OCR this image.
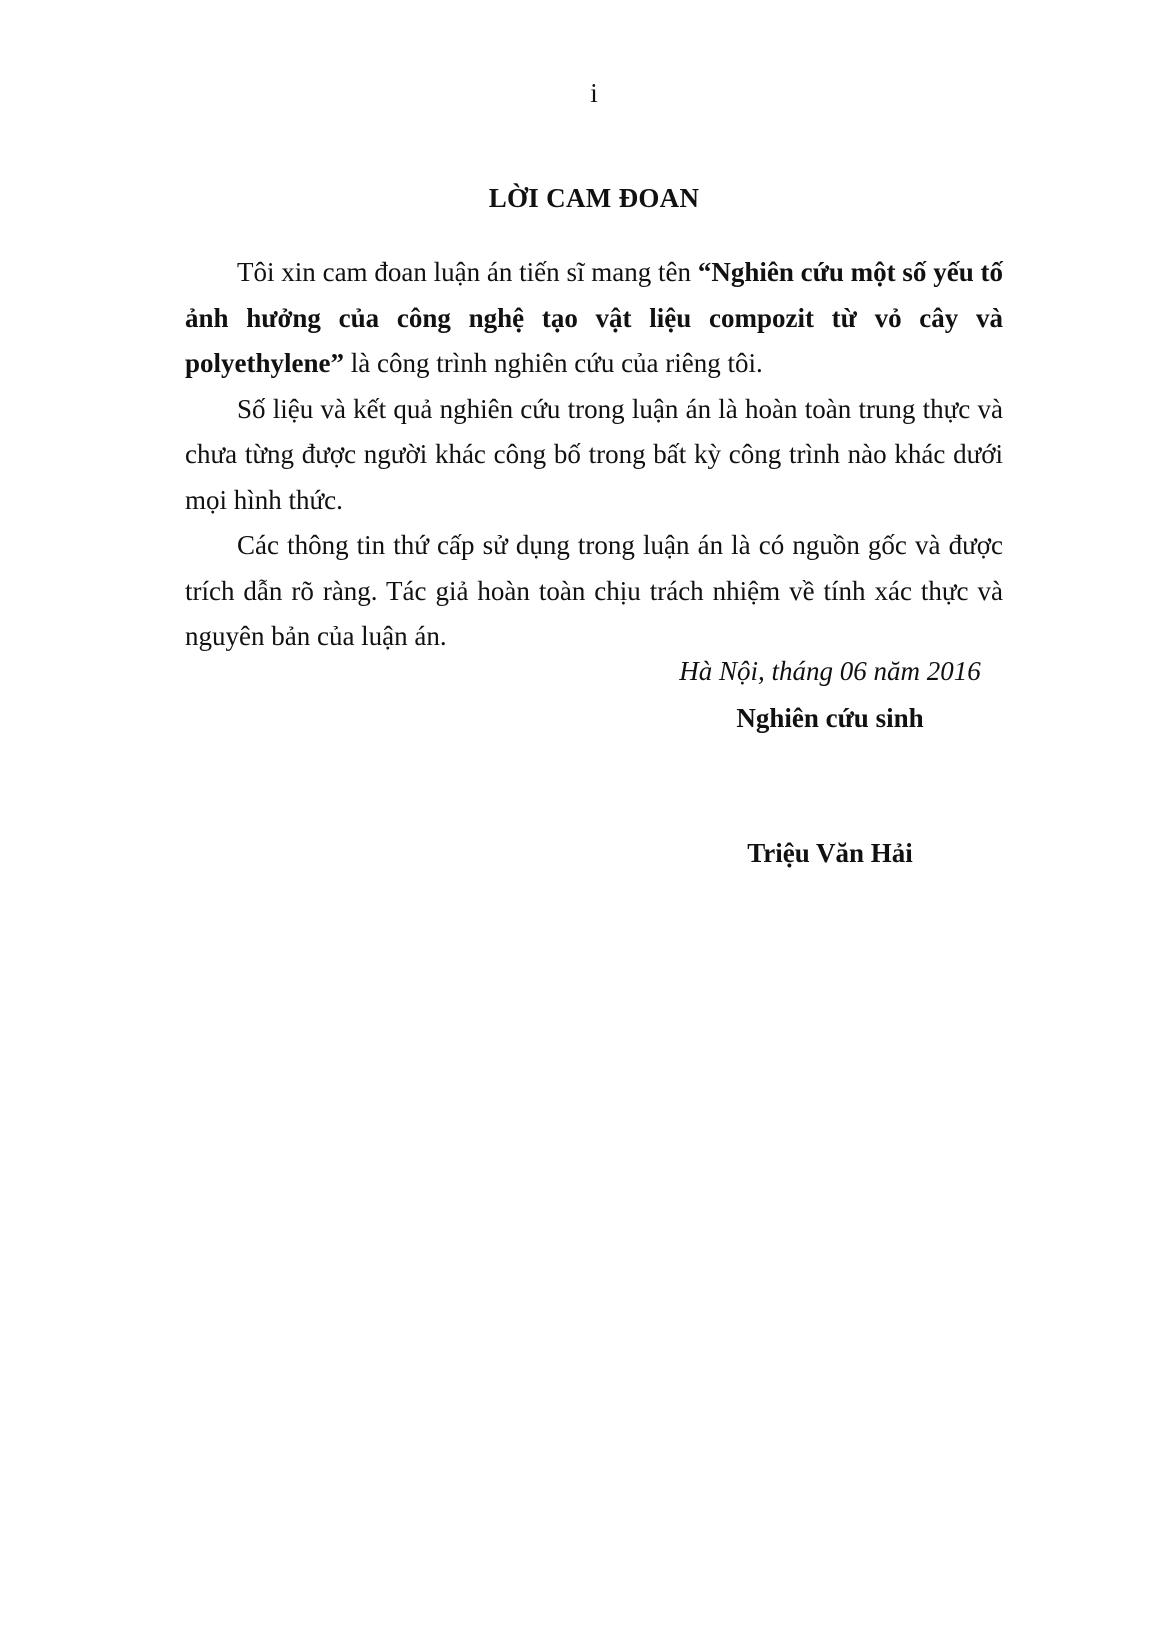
i
LỜI CAM ĐOAN

Tôi xin cam đoan luận án tiến sĩ mang tên “Nghiên cứu một số yếu tố ảnh hưởng của công nghệ tạo vật liệu compozit từ vỏ cây và polyethylene” là công trình nghiên cứu của riêng tôi.

Số liệu và kết quả nghiên cứu trong luận án là hoàn toàn trung thực và chưa từng được người khác công bố trong bất kỳ công trình nào khác dưới mọi hình thức.

Các thông tin thứ cấp sử dụng trong luận án là có nguồn gốc và được trích dẫn rõ ràng. Tác giả hoàn toàn chịu trách nhiệm về tính xác thực và nguyên bản của luận án.

Hà Nội, tháng 06 năm 2016
Nghiên cứu sinh
Triệu Văn Hải
